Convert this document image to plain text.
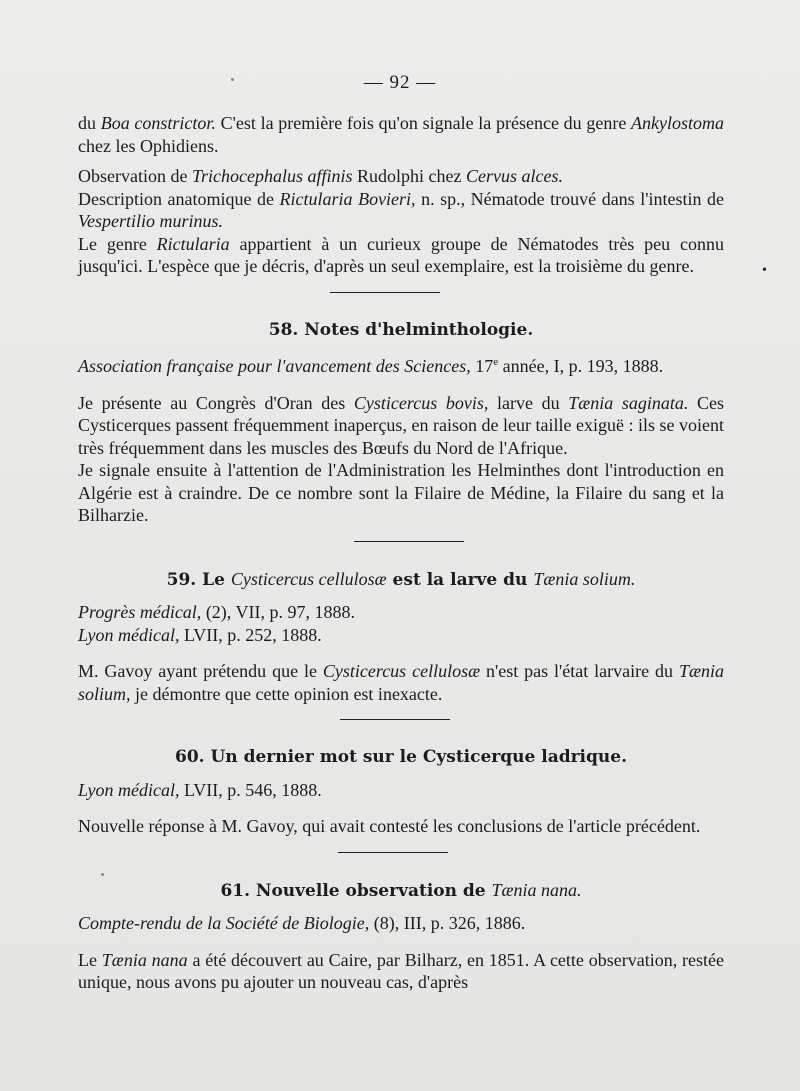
— 92 —
•

du Boa constrictor. C'est la première fois qu'on signale la présence du genre Ankylostoma chez les Ophidiens.

Observation de Trichocephalus affinis Rudolphi chez Cervus alces.

Description anatomique de Rictularia Bovieri, n. sp., Nématode trouvé dans l'intestin de Vespertilio murinus.

Le genre Rictularia appartient à un curieux groupe de Nématodes très peu connu jusqu'ici. L'espèce que je décris, d'après un seul exemplaire, est la troisième du genre.

58. Notes d'helminthologie.

Association française pour l'avancement des Sciences, 17e année, I, p. 193, 1888.

Je présente au Congrès d'Oran des Cysticercus bovis, larve du Tænia saginata. Ces Cysticerques passent fréquemment inaperçus, en raison de leur taille exiguë : ils se voient très fréquemment dans les muscles des Bœufs du Nord de l'Afrique.

Je signale ensuite à l'attention de l'Administration les Helminthes dont l'introduction en Algérie est à craindre. De ce nombre sont la Filaire de Médine, la Filaire du sang et la Bilharzie.

59. Le Cysticercus cellulosæ est la larve du Tænia solium.

Progrès médical, (2), VII, p. 97, 1888.

Lyon médical, LVII, p. 252, 1888.

M. Gavoy ayant prétendu que le Cysticercus cellulosæ n'est pas l'état larvaire du Tænia solium, je démontre que cette opinion est inexacte.

60. Un dernier mot sur le Cysticerque ladrique.

Lyon médical, LVII, p. 546, 1888.

Nouvelle réponse à M. Gavoy, qui avait contesté les conclusions de l'article précédent.

61. Nouvelle observation de Tænia nana.

Compte-rendu de la Société de Biologie, (8), III, p. 326, 1886.

Le Tænia nana a été découvert au Caire, par Bilharz, en 1851. A cette observation, restée unique, nous avons pu ajouter un nouveau cas, d'après
